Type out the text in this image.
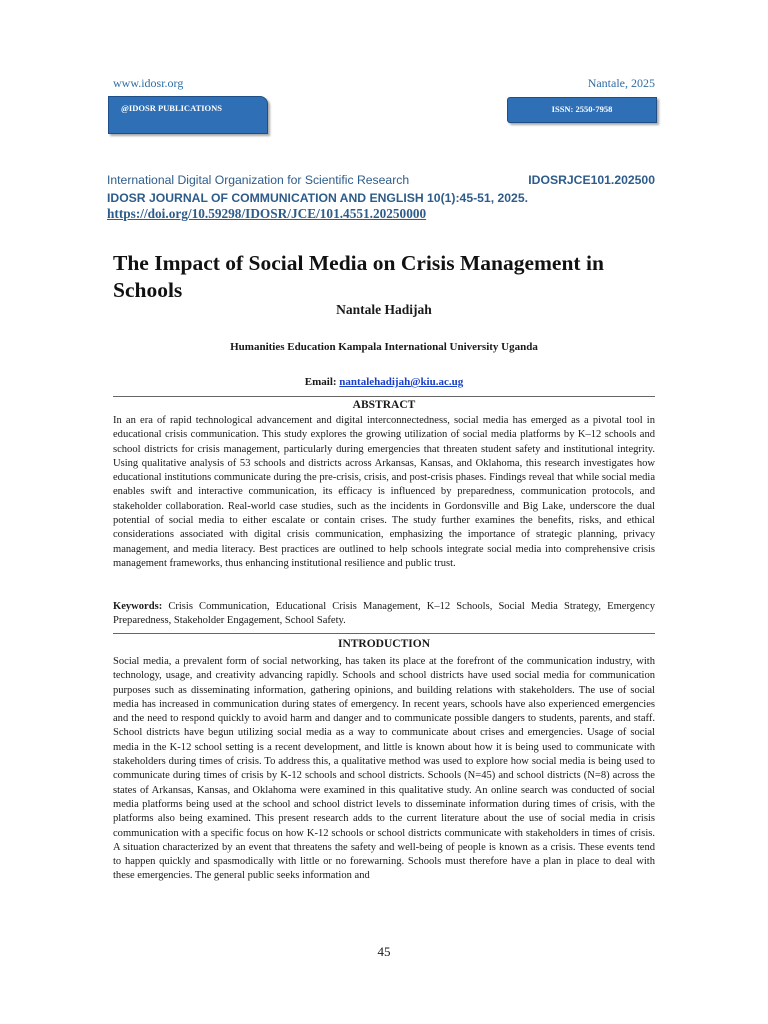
www.idosr.org	Nantale, 2025
@IDOSR PUBLICATIONS	ISSN: 2550-7958
International Digital Organization for Scientific Research	IDOSRJCE101.202500
IDOSR JOURNAL OF COMMUNICATION AND ENGLISH 10(1):45-51, 2025.
https://doi.org/10.59298/IDOSR/JCE/101.4551.20250000
The Impact of Social Media on Crisis Management in Schools
Nantale Hadijah
Humanities Education Kampala International University Uganda
Email: nantalehadijah@kiu.ac.ug
ABSTRACT

In an era of rapid technological advancement and digital interconnectedness, social media has emerged as a pivotal tool in educational crisis communication. This study explores the growing utilization of social media platforms by K–12 schools and school districts for crisis management, particularly during emergencies that threaten student safety and institutional integrity. Using qualitative analysis of 53 schools and districts across Arkansas, Kansas, and Oklahoma, this research investigates how educational institutions communicate during the pre-crisis, crisis, and post-crisis phases. Findings reveal that while social media enables swift and interactive communication, its efficacy is influenced by preparedness, communication protocols, and stakeholder collaboration. Real-world case studies, such as the incidents in Gordonsville and Big Lake, underscore the dual potential of social media to either escalate or contain crises. The study further examines the benefits, risks, and ethical considerations associated with digital crisis communication, emphasizing the importance of strategic planning, privacy management, and media literacy. Best practices are outlined to help schools integrate social media into comprehensive crisis management frameworks, thus enhancing institutional resilience and public trust.

Keywords: Crisis Communication, Educational Crisis Management, K–12 Schools, Social Media Strategy, Emergency Preparedness, Stakeholder Engagement, School Safety.

INTRODUCTION

Social media, a prevalent form of social networking, has taken its place at the forefront of the communication industry, with technology, usage, and creativity advancing rapidly. Schools and school districts have used social media for communication purposes such as disseminating information, gathering opinions, and building relations with stakeholders. The use of social media has increased in communication during states of emergency. In recent years, schools have also experienced emergencies and the need to respond quickly to avoid harm and danger and to communicate possible dangers to students, parents, and staff. School districts have begun utilizing social media as a way to communicate about crises and emergencies. Usage of social media in the K-12 school setting is a recent development, and little is known about how it is being used to communicate with stakeholders during times of crisis. To address this, a qualitative method was used to explore how social media is being used to communicate during times of crisis by K-12 schools and school districts. Schools (N=45) and school districts (N=8) across the states of Arkansas, Kansas, and Oklahoma were examined in this qualitative study. An online search was conducted of social media platforms being used at the school and school district levels to disseminate information during times of crisis, with the platforms also being examined. This present research adds to the current literature about the use of social media in crisis communication with a specific focus on how K-12 schools or school districts communicate with stakeholders in times of crisis. A situation characterized by an event that threatens the safety and well-being of people is known as a crisis. These events tend to happen quickly and spasmodically with little or no forewarning. Schools must therefore have a plan in place to deal with these emergencies. The general public seeks information and

45
